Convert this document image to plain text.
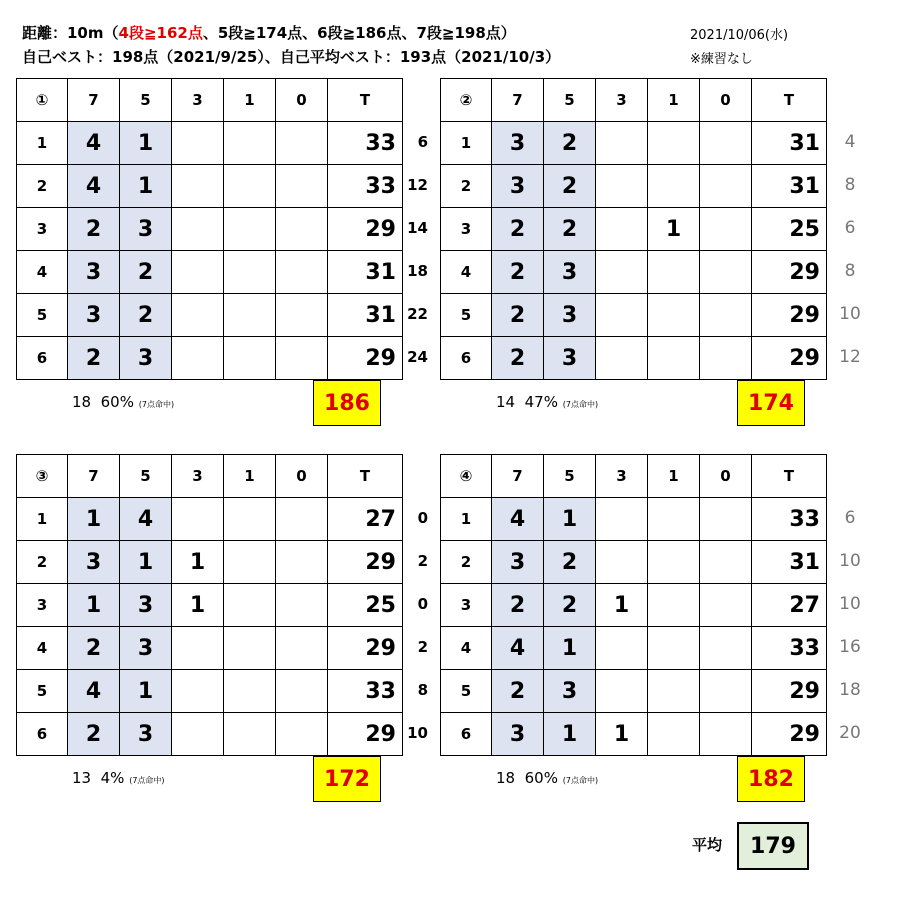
距離：10m（4段≧162点、5段≧174点、6段≧186点、7段≧198点）
自己ベスト：198点（2021/9/25）、自己平均ベスト：193点（2021/10/3）
2021/10/06(水)
※練習なし
①	7	5	3	1	0	T
1	4	1				33
2	4	1				33
3	2	3				29
4	3	2				31
5	3	2				31
6	2	3				29
18 60% (7点命中)	186
6	4
12	8
14	6
18	8
22	10
24	12
②	7	5	3	1	0	T
1	3	2				31
2	3	2				31
3	2	2		1		25
4	2	3				29
5	2	3				29
6	2	3				29
14 47% (7点命中)	174
③	7	5	3	1	0	T
1	1	4				27
2	3	1	1			29
3	1	3	1			25
4	2	3				29
5	4	1				33
6	2	3				29
13 4% (7点命中)	172
0	6
2	10
0	10
2	16
8	18
10	20
④	7	5	3	1	0	T
1	4	1				33
2	3	2				31
3	2	2	1			27
4	4	1				33
5	2	3				29
6	3	1	1			29
18 60% (7点命中)	182
平均 179
